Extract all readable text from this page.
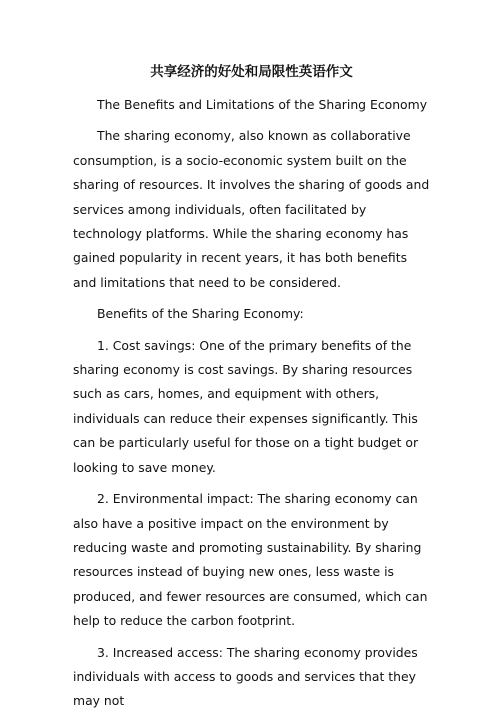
共享经济的好处和局限性英语作文

The Benefits and Limitations of the Sharing Economy

The sharing economy, also known as collaborative consumption, is a socio-economic system built on the sharing of resources. It involves the sharing of goods and services among individuals, often facilitated by technology platforms. While the sharing economy has gained popularity in recent years, it has both benefits and limitations that need to be considered.

Benefits of the Sharing Economy:

1. Cost savings: One of the primary benefits of the sharing economy is cost savings. By sharing resources such as cars, homes, and equipment with others, individuals can reduce their expenses significantly. This can be particularly useful for those on a tight budget or looking to save money.

2. Environmental impact: The sharing economy can also have a positive impact on the environment by reducing waste and promoting sustainability. By sharing resources instead of buying new ones, less waste is produced, and fewer resources are consumed, which can help to reduce the carbon footprint.

3. Increased access: The sharing economy provides individuals with access to goods and services that they may not
